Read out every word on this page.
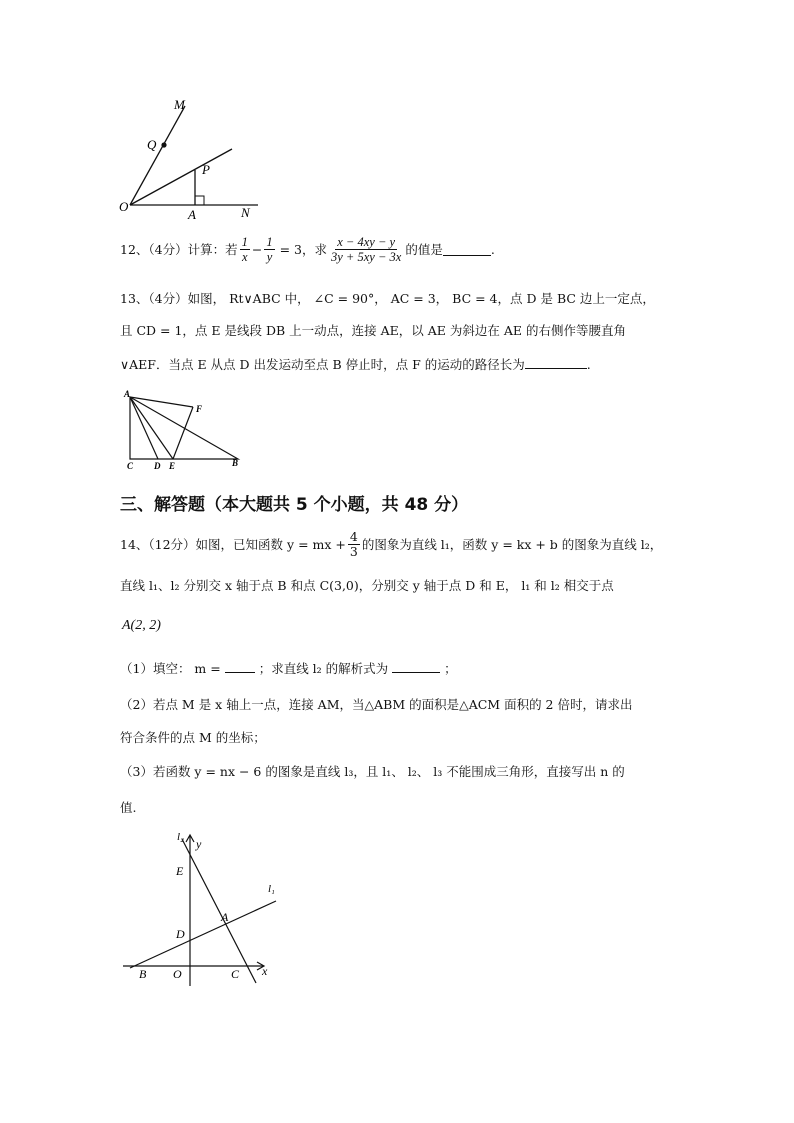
M
Q
P
O
A	N
12、（4分）计算：若 $\frac{1}{x} - \frac{1}{y} = 3$，求 $\frac{x - 4xy - y}{3y + 5xy - 3x}$ 的值是	.
13、（4分）如图， Rt∨ABC 中， ∠C = 90°， AC = 3， BC = 4，点 D 是 BC 边上一定点，
且 CD = 1，点 E 是线段 DB 上一动点，连接 AE，以 AE 为斜边在 AE 的右侧作等腰直角
∨AEF．当点 E 从点 D 出发运动至点 B 停止时，点 F 的运动的路径长为	.
A
F
C D E	B
三、解答题（本大题共 5 个小题，共 48 分）
14、（12分）如图，已知函数 y = mx + $\frac{4}{3}$ 的图象为直线 l₁，函数 y = kx + b 的图象为直线 l₂，
直线 l₁、l₂ 分别交 x 轴于点 B 和点 C(3,0)，分别交 y 轴于点 D 和 E， l₁ 和 l₂ 相交于点
A(2, 2)
（1）填空： m =	；求直线 l₂ 的解析式为	；
（2）若点 M 是 x 轴上一点，连接 AM，当△ABM 的面积是△ACM 面积的 2 倍时，请求出
符合条件的点 M 的坐标；
（3）若函数 y = nx − 6 的图象是直线 l₃，且 l₁、 l₂、 l₃ 不能围成三角形，直接写出 n 的
值.
l₂ y
E
l₁
A
D
B O	C x
